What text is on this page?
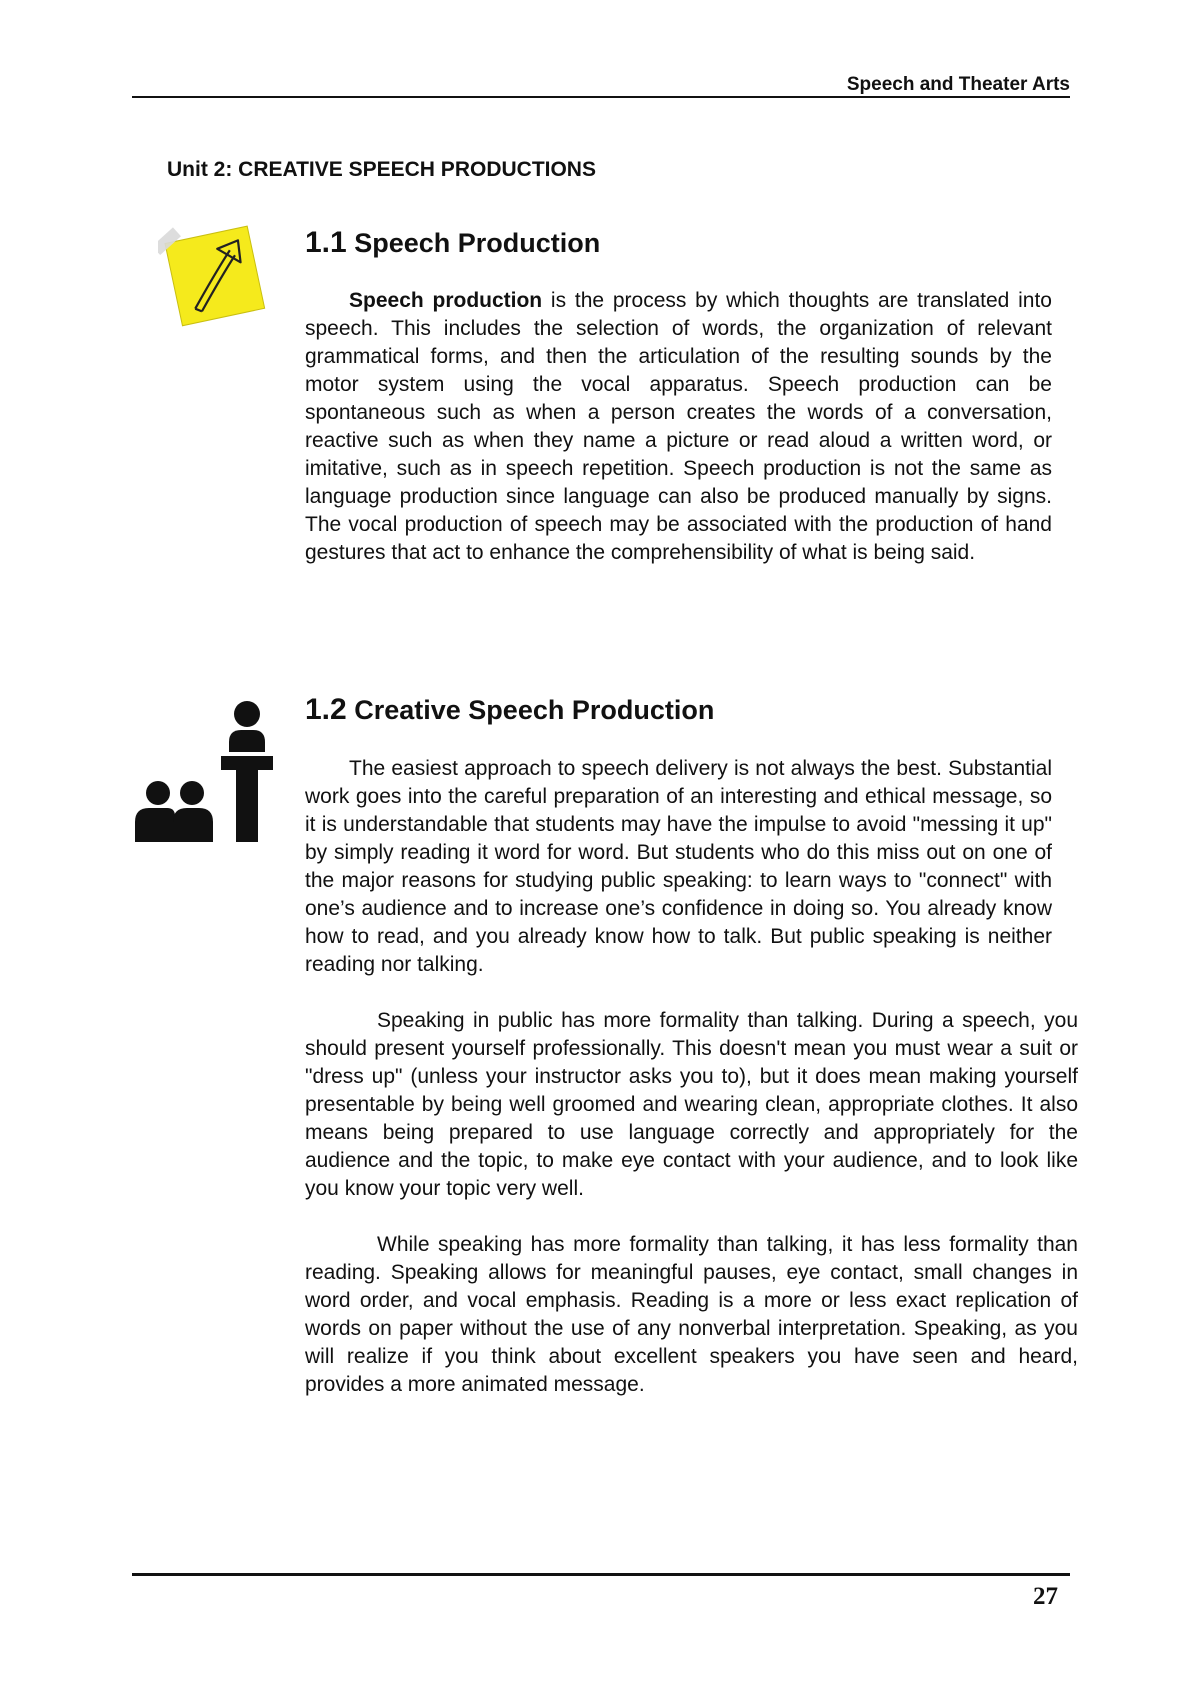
Speech and Theater Arts
Unit 2: CREATIVE SPEECH PRODUCTIONS
1.1 Speech Production

Speech production is the process by which thoughts are translated into speech. This includes the selection of words, the organization of relevant grammatical forms, and then the articulation of the resulting sounds by the motor system using the vocal apparatus. Speech production can be spontaneous such as when a person creates the words of a conversation, reactive such as when they name a picture or read aloud a written word, or imitative, such as in speech repetition. Speech production is not the same as language production since language can also be produced manually by signs. The vocal production of speech may be associated with the production of hand gestures that act to enhance the comprehensibility of what is being said.

1.2 Creative Speech Production

The easiest approach to speech delivery is not always the best. Substantial work goes into the careful preparation of an interesting and ethical message, so it is understandable that students may have the impulse to avoid "messing it up" by simply reading it word for word. But students who do this miss out on one of the major reasons for studying public speaking: to learn ways to "connect" with one’s audience and to increase one’s confidence in doing so. You already know how to read, and you already know how to talk. But public speaking is neither reading nor talking.

Speaking in public has more formality than talking. During a speech, you should present yourself professionally. This doesn't mean you must wear a suit or "dress up" (unless your instructor asks you to), but it does mean making yourself presentable by being well groomed and wearing clean, appropriate clothes. It also means being prepared to use language correctly and appropriately for the audience and the topic, to make eye contact with your audience, and to look like you know your topic very well.

While speaking has more formality than talking, it has less formality than reading. Speaking allows for meaningful pauses, eye contact, small changes in word order, and vocal emphasis. Reading is a more or less exact replication of words on paper without the use of any nonverbal interpretation. Speaking, as you will realize if you think about excellent speakers you have seen and heard, provides a more animated message.

27
